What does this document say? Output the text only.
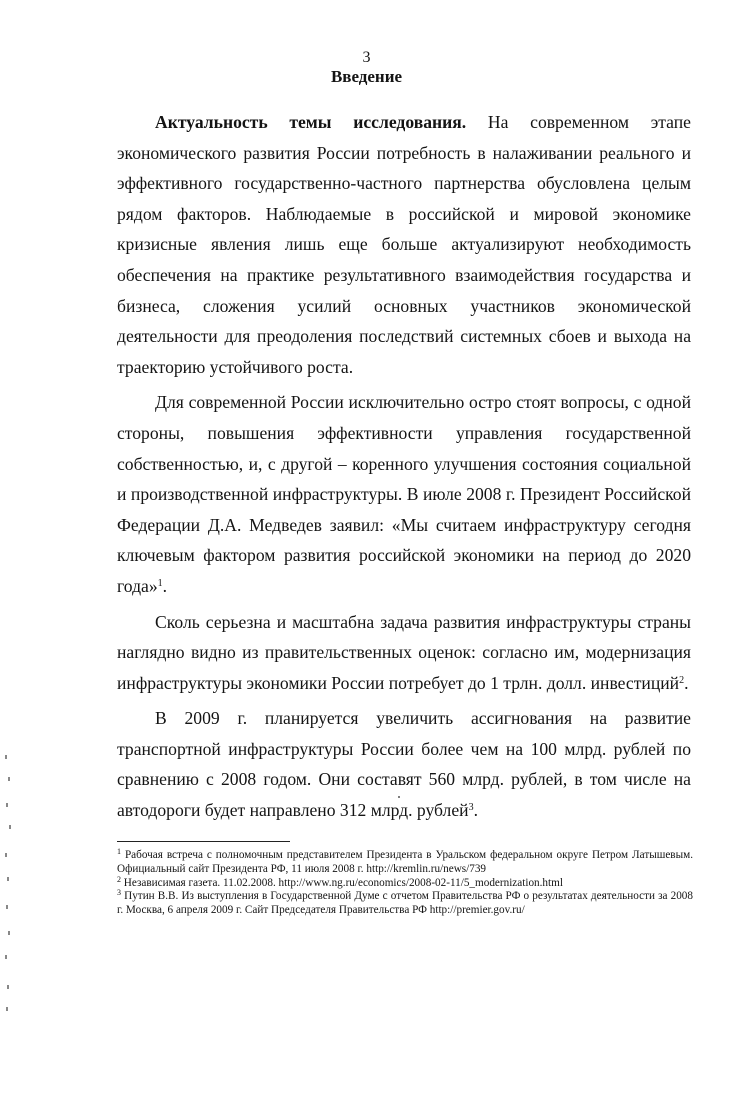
3
Введение

Актуальность темы исследования. На современном этапе экономического развития России потребность в налаживании реального и эффективного государственно-частного партнерства обусловлена целым рядом факторов. Наблюдаемые в российской и мировой экономике кризисные явления лишь еще больше актуализируют необходимость обеспечения на практике результативного взаимодействия государства и бизнеса, сложения усилий основных участников экономической деятельности для преодоления последствий системных сбоев и выхода на траекторию устойчивого роста.

Для современной России исключительно остро стоят вопросы, с одной стороны, повышения эффективности управления государственной собственностью, и, с другой – коренного улучшения состояния социальной и производственной инфраструктуры. В июле 2008 г. Президент Российской Федерации Д.А. Медведев заявил: «Мы считаем инфраструктуру сегодня ключевым фактором развития российской экономики на период до 2020 года»$^1$.

Сколь серьезна и масштабна задача развития инфраструктуры страны наглядно видно из правительственных оценок: согласно им, модернизация инфраструктуры экономики России потребует до 1 трлн. долл. инвестиций$^2$.

В 2009 г. планируется увеличить ассигнования на развитие транспортной инфраструктуры России более чем на 100 млрд. рублей по сравнению с 2008 годом. Они составят 560 млрд. рублей, в том числе на автодороги будет направлено 312 млрд. рублей$^3$.

$^1$ Рабочая встреча с полномочным представителем Президента в Уральском федеральном округе Петром Латышевым. Официальный сайт Президента РФ, 11 июля 2008 г. http://kremlin.ru/news/739

$^2$ Независимая газета. 11.02.2008. http://www.ng.ru/economics/2008-02-11/5_modernization.html

$^3$ Путин В.В. Из выступления в Государственной Думе с отчетом Правительства РФ о результатах деятельности за 2008 г. Москва, 6 апреля 2009 г. Сайт Председателя Правительства РФ http://premier.gov.ru/
